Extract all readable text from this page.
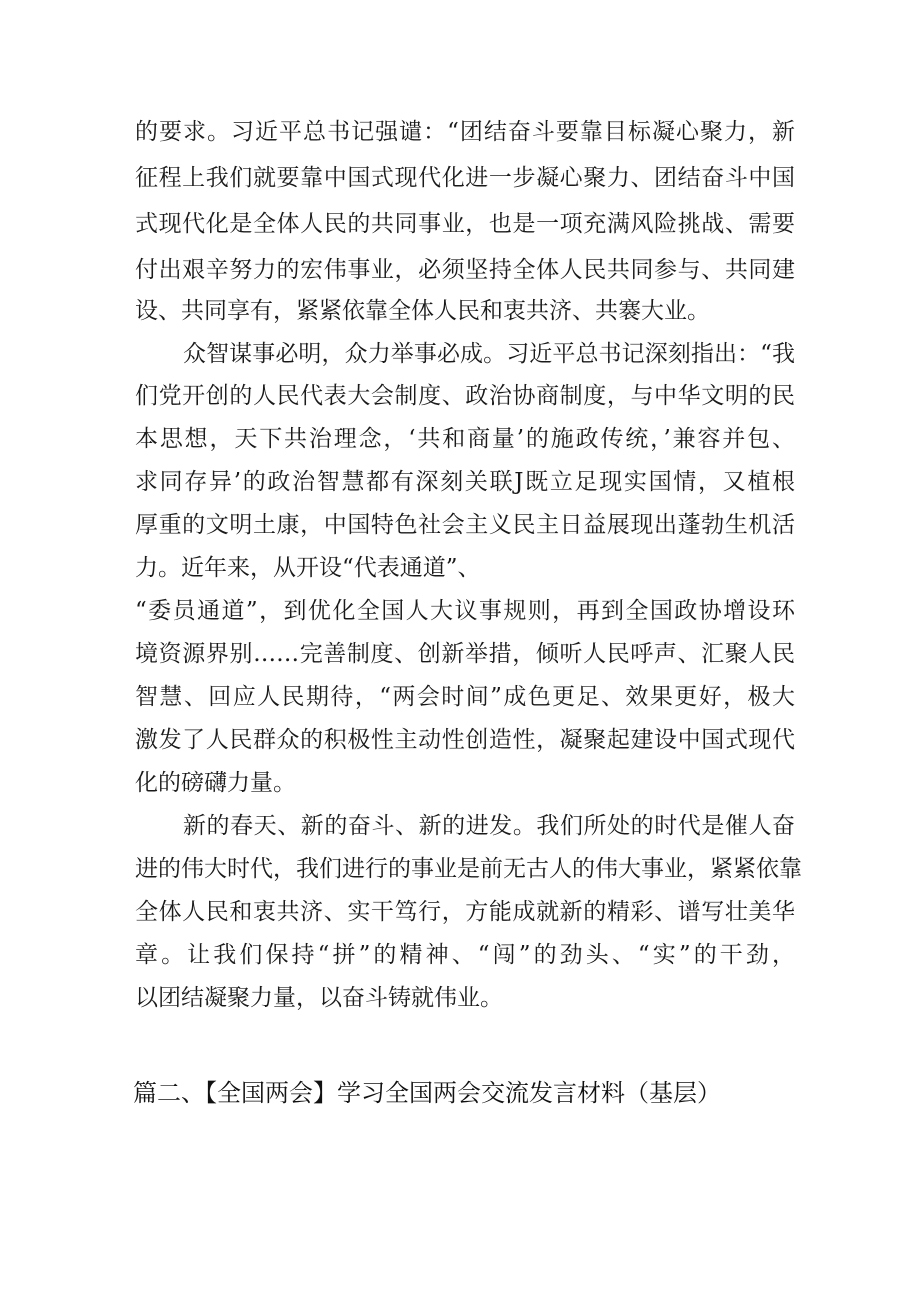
的要求。习近平总书记强谴：“团结奋斗要靠目标凝心聚力，新
征程上我们就要靠中国式现代化进一步凝心聚力、团结奋斗中国
式现代化是全体人民的共同事业，也是一项充满风险挑战、需要
付出艰辛努力的宏伟事业，必须坚持全体人民共同参与、共同建
设、共同享有，紧紧依靠全体人民和衷共济、共褰大业。
众智谋事必明，众力举事必成。习近平总书记深刻指出：“我
们党开创的人民代表大会制度、政治协商制度，与中华文明的民
本思想，天下共治理念，‘共和商量’的施政传统，’兼容并包、
求同存异’的政治智慧都有深刻关联J既立足现实国情，又植根
厚重的文明土康，中国特色社会主义民主日益展现出蓬勃生机活
力。近年来，从开设“代表通道”、
“委员通道”，到优化全国人大议事规则，再到全国政协增设环
境资源界别……完善制度、创新举措，倾听人民呼声、汇聚人民
智慧、回应人民期待，“两会时间”成色更足、效果更好，极大
激发了人民群众的积极性主动性创造性，凝聚起建设中国式现代
化的磅礴力量。
新的春天、新的奋斗、新的进发。我们所处的时代是催人奋
进的伟大时代，我们进行的事业是前无古人的伟大事业，紧紧依靠
全体人民和衷共济、实干笃行，方能成就新的精彩、谱写壮美华
章。让我们保持“拼”的精神、“闯”的劲头、“实”的干劲，
以团结凝聚力量，以奋斗铸就伟业。
篇二、【全国两会】学习全国两会交流发言材料（基层）
